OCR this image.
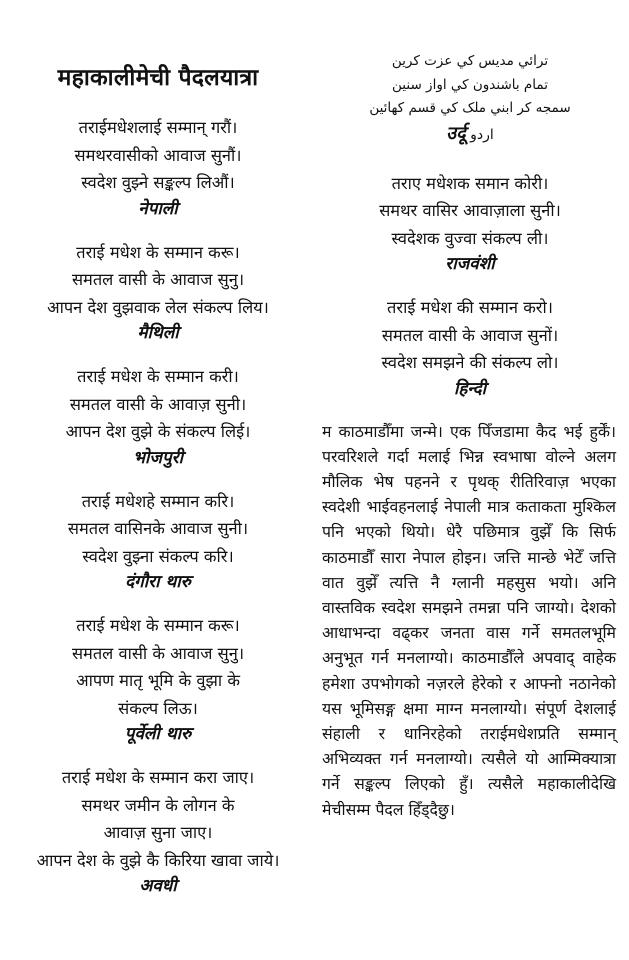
महाकालीमेची पैदलयात्रा
तराईमधेशलाई सम्मान् गरौं।
समथरवासीको आवाज सुनौं।
स्वदेश वुझ्ने सङ्कल्प लिऔं।
नेपाली
तराई मधेश के सम्मान करू।
समतल वासी के आवाज सुनु।
आपन देश वुझवाक लेल संकल्प लिय।
मैथिली
तराई मधेश के सम्मान करी।
समतल वासी के आवाज़ सुनी।
आपन देश वुझे के संकल्प लिई।
भोजपुरी
तराई मधेशहे सम्मान करि।
समतल वासिनके आवाज सुनी।
स्वदेश वुझ्ना संकल्प करि।
दंगौरा थारु
तराई मधेश के सम्मान करू।
समतल वासी के आवाज सुनु।
आपण मातृ भूमि के वुझा के
संकल्प लिऊ।
पूर्वेली थारु
तराई मधेश के सम्मान करा जाए।
समथर जमीन के लोगन के
आवाज़ सुना जाए।
आपन देश के वुझे कै किरिया खावा जाये।
अवधी
ترائي مديس کي عزت کرين
تمام باشندون کي اواز سنين
سمجه کر ابني ملک کي قسم کهائين
اردو उर्दू
तराए मधेशक समान कोरी।
समथर वासिर आवाज़ाला सुनी।
स्वदेशक वुज्वा संकल्प ली।
राजवंशी
तराई मधेश की सम्मान करो।
समतल वासी के आवाज सुनों।
स्वदेश समझने की संकल्प लो।
हिन्दी
म काठमाडौँमा जन्मे। एक पिँजडामा कैद भई हुर्कें। परवरिशले गर्दा मलाई भिन्न स्वभाषा वोल्ने अलग मौलिक भेष पहनने र पृथक् रीतिरिवाज़ भएका स्वदेशी भाईवहनलाई नेपाली मात्र कताकता मुश्किल पनि भएको थियो। धेरै पछिमात्र वुझेँ कि सिर्फ काठमाडौँ सारा नेपाल होइन। जत्ति मान्छे भेटेँ जत्ति वात वुझेँ त्यत्ति नै ग्लानी महसुस भयो। अनि वास्तविक स्वदेश समझने तमन्ना पनि जाग्यो। देशको आधाभन्दा वढ्कर जनता वास गर्ने समतलभूमि अनुभूत गर्न मनलाग्यो। काठमाडौँले अपवाद् वाहेक हमेशा उपभोगको नज़रले हेरेको र आफ्नो नठानेको यस भूमिसङ्ग क्षमा माग्न मनलाग्यो। संपूर्ण देशलाई संहाली र धानिरहेको तराईमधेशप्रति सम्मान् अभिव्यक्त गर्न मनलाग्यो। त्यसैले यो आम्मिक्यात्रा गर्ने सङ्कल्प लिएको हुँ। त्यसैले महाकालीदेखि मेचीसम्म पैदल हिँड्दैछु।
